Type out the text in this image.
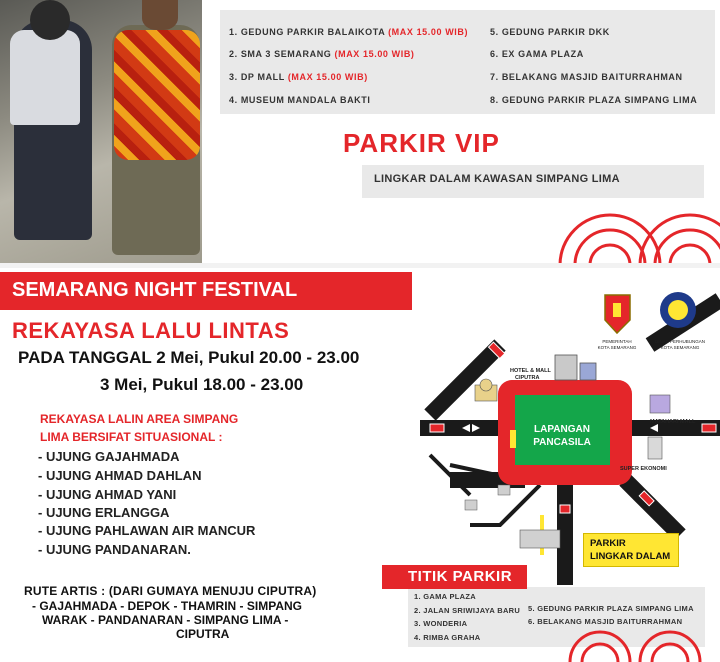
1. GEDUNG PARKIR BALAIKOTA (MAX 15.00 WIB)
2. SMA 3 SEMARANG (MAX 15.00 WIB)
3. DP MALL (MAX 15.00 WIB)
4. MUSEUM MANDALA BAKTI
5. GEDUNG PARKIR DKK
6. EX GAMA PLAZA
7. BELAKANG MASJID BAITURRAHMAN
8. GEDUNG PARKIR PLAZA SIMPANG LIMA
PARKIR VIP
LINGKAR DALAM KAWASAN SIMPANG LIMA
SEMARANG NIGHT FESTIVAL
REKAYASA LALU LINTAS
PADA TANGGAL 2 Mei, Pukul 20.00 - 23.00
3 Mei, Pukul 18.00 - 23.00
REKAYASA LALIN AREA SIMPANG
LIMA BERSIFAT SITUASIONAL :
- UJUNG GAJAHMADA
- UJUNG AHMAD DAHLAN
- UJUNG AHMAD YANI
- UJUNG ERLANGGA
- UJUNG PAHLAWAN AIR MANCUR
- UJUNG PANDANARAN.
RUTE ARTIS : (DARI GUMAYA MENUJU CIPUTRA)
- GAJAHMADA - DEPOK - THAMRIN - SIMPANG
WARAK - PANDANARAN - SIMPANG LIMA -
CIPUTRA
LAPANGAN
PANCASILA
HOTEL & MALL
CIPUTRA
MATAHARI MALL
SUPER EKONOMI
PEMERINTAH
KOTA SEMARANG
DINAS PERHUBUNGAN
KOTA SEMARANG
PARKIR
LINGKAR DALAM
TITIK PARKIR
1. GAMA PLAZA
2. JALAN SRIWIJAYA BARU
3. WONDERIA
4. RIMBA GRAHA
5. GEDUNG PARKIR PLAZA SIMPANG LIMA
6. BELAKANG MASJID BAITURRAHMAN
